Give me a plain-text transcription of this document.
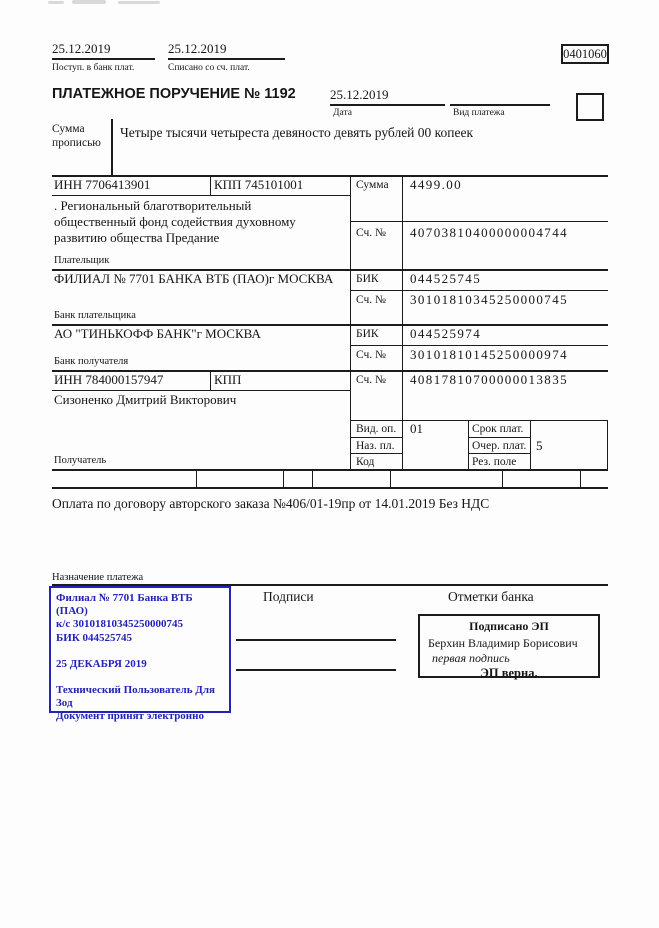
25.12.2019	25.12.2019
Поступ. в банк плат.	Списано со сч. плат.
0401060
ПЛАТЕЖНОЕ ПОРУЧЕНИЕ № 1192	25.12.2019
Дата	Вид платежа
Сумма
прописью
Четыре тысячи четыреста девяносто девять рублей 00 копеек
ИНН 7706413901	КПП 745101001	Сумма 4499.00
. Региональный благотворительный
общественный фонд содействия духовному
развитию общества Предание	Сч. № 40703810400000004744
Плательщик
ФИЛИАЛ № 7701 БАНКА ВТБ (ПАО)г МОСКВА БИК 044525745
Сч. № 30101810345250000745
Банк плательщика
АО "ТИНЬКОФФ БАНК"г МОСКВА	БИК 044525974
Сч. № 30101810145250000974
Банк получателя
ИНН 784000157947	КПП	Сч. № 40817810700000013835
Сизоненко Дмитрий Викторович
Получатель
Вид. оп. 01	Срок плат.
Наз. пл.	Очер. плат. 5
Код	Рез. поле
Оплата по договору авторского заказа №406/01-19пр от 14.01.2019 Без НДС
Назначение платежа
Филиал № 7701 Банка ВТБ (ПАО)
к/с 30101810345250000745
БИК 044525745
25 ДЕКАБРЯ 2019
Технический Пользователь Для
Зод
Документ принят электронно
Подписи	Отметки банка
Подписано ЭП
Берхин Владимир Борисович
первая подпись
ЭП верна.
